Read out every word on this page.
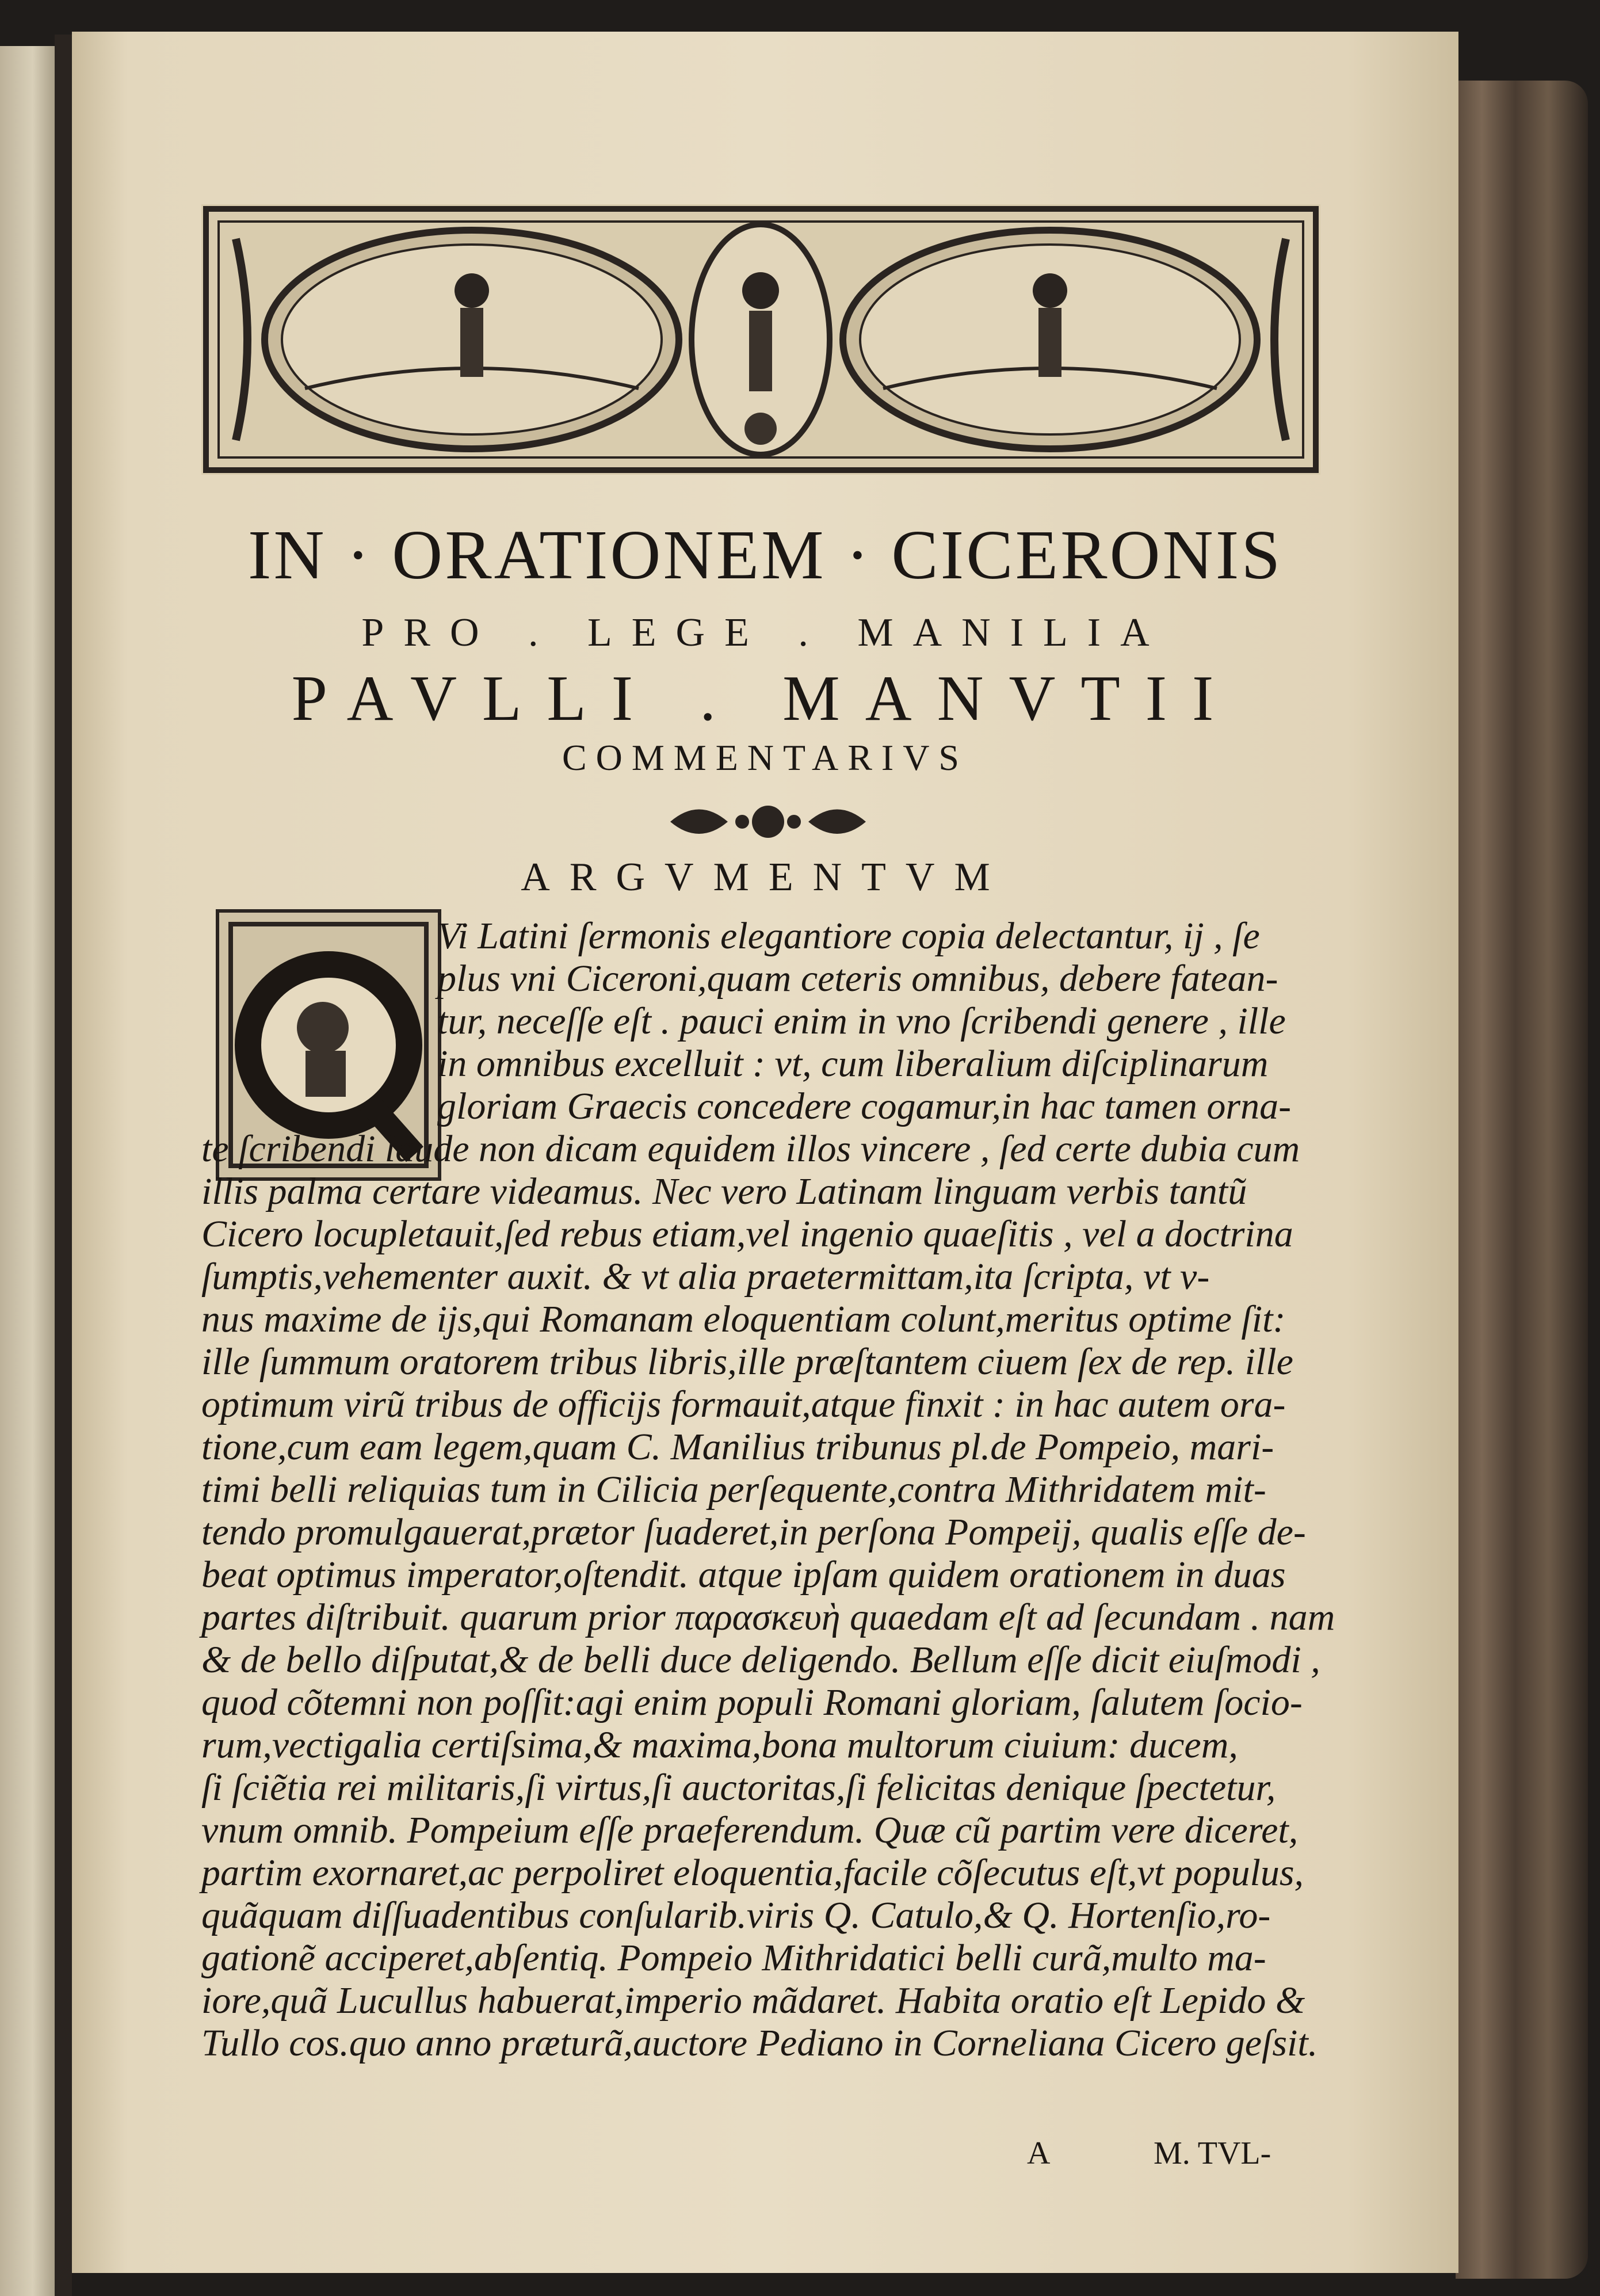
IN · ORATIONEM · CICERONIS
PRO . LEGE . MANILIA
PAVLLI . MANVTII
COMMENTARIVS
ARGVMENTVM
Vi Latini ſermonis elegantiore copia delectantur, ij , ſe
plus vni Ciceroni,quam ceteris omnibus, debere fatean-
tur, neceſſe eſt . pauci enim in vno ſcribendi genere , ille
in omnibus excelluit : vt, cum liberalium diſciplinarum
gloriam Graecis concedere cogamur,in hac tamen orna-
te ſcribendi laude non dicam equidem illos vincere , ſed certe dubia cum
illis palma certare videamus. Nec vero Latinam linguam verbis tantũ
Cicero locupletauit,ſed rebus etiam,vel ingenio quaeſitis , vel a doctrina
ſumptis,vehementer auxit. & vt alia praetermittam,ita ſcripta, vt v-
nus maxime de ijs,qui Romanam eloquentiam colunt,meritus optime ſit:
ille ſummum oratorem tribus libris,ille præſtantem ciuem ſex de rep. ille
optimum virũ tribus de officijs formauit,atque finxit : in hac autem ora-
tione,cum eam legem,quam C. Manilius tribunus pl.de Pompeio, mari-
timi belli reliquias tum in Cilicia perſequente,contra Mithridatem mit-
tendo promulgauerat,prætor ſuaderet,in perſona Pompeij, qualis eſſe de-
beat optimus imperator,oſtendit. atque ipſam quidem orationem in duas
partes diſtribuit. quarum prior παρασκευὴ quaedam eſt ad ſecundam . nam
& de bello diſputat,& de belli duce deligendo. Bellum eſſe dicit eiuſmodi ,
quod cõtemni non poſſit:agi enim populi Romani gloriam, ſalutem ſocio-
rum,vectigalia certiſsima,& maxima,bona multorum ciuium: ducem,
ſi ſciẽtia rei militaris,ſi virtus,ſi auctoritas,ſi felicitas denique ſpectetur,
vnum omnib. Pompeium eſſe praeferendum. Quæ cũ partim vere diceret,
partim exornaret,ac perpoliret eloquentia,facile cõſecutus eſt,vt populus,
quãquam diſſuadentibus conſularib.viris Q. Catulo,& Q. Hortenſio,ro-
gationẽ acciperet,abſentiq. Pompeio Mithridatici belli curã,multo ma-
iore,quã Lucullus habuerat,imperio mãdaret. Habita oratio eſt Lepido &
Tullo cos.quo anno præturã,auctore Pediano in Corneliana Cicero geſsit.
A	M. TVL-
